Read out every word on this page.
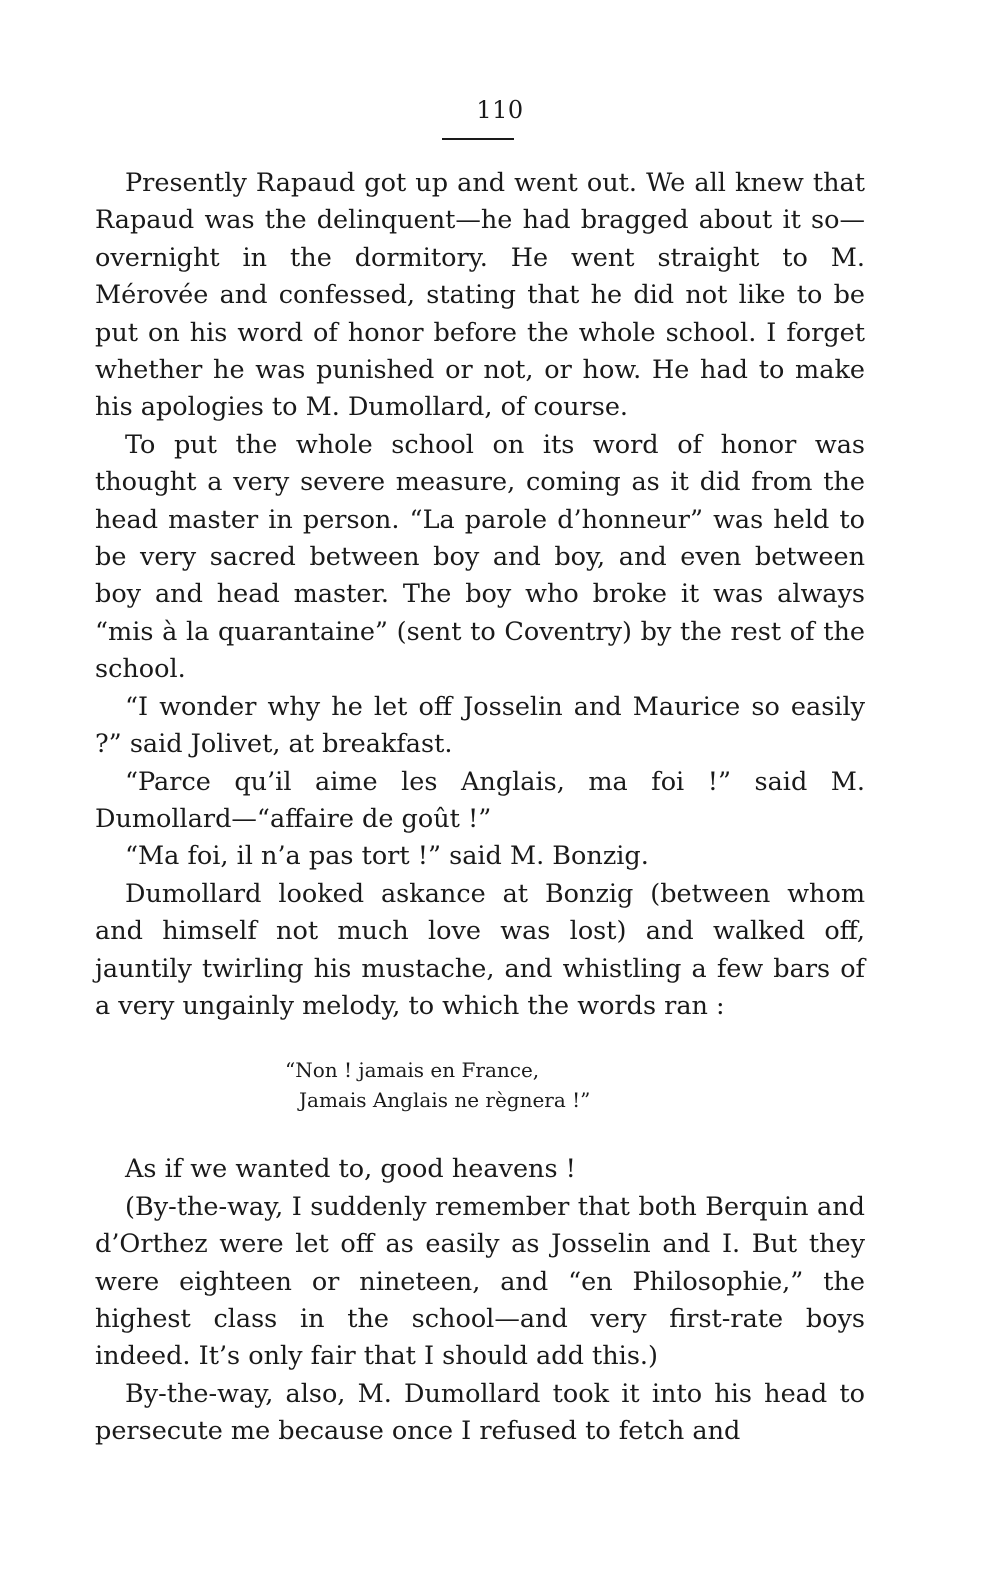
110

Presently Rapaud got up and went out. We all knew that Rapaud was the delinquent—he had bragged about it so—overnight in the dormitory. He went straight to M. Mérovée and confessed, stating that he did not like to be put on his word of honor before the whole school. I forget whether he was punished or not, or how. He had to make his apologies to M. Dumollard, of course.

To put the whole school on its word of honor was thought a very severe measure, coming as it did from the head master in person. “La parole d’honneur” was held to be very sacred between boy and boy, and even between boy and head master. The boy who broke it was always “mis à la quarantaine” (sent to Coventry) by the rest of the school.

“I wonder why he let off Josselin and Maurice so easily ?” said Jolivet, at breakfast.

“Parce qu’il aime les Anglais, ma foi !” said M. Dumollard—“affaire de goût !”

“Ma foi, il n’a pas tort !” said M. Bonzig.

Dumollard looked askance at Bonzig (between whom and himself not much love was lost) and walked off, jauntily twirling his mustache, and whistling a few bars of a very ungainly melody, to which the words ran :

“Non ! jamais en France,
Jamais Anglais ne règnera !”

As if we wanted to, good heavens !

(By-the-way, I suddenly remember that both Berquin and d’Orthez were let off as easily as Josselin and I. But they were eighteen or nineteen, and “en Philosophie,” the highest class in the school—and very first-rate boys indeed. It’s only fair that I should add this.)

By-the-way, also, M. Dumollard took it into his head to persecute me because once I refused to fetch and
